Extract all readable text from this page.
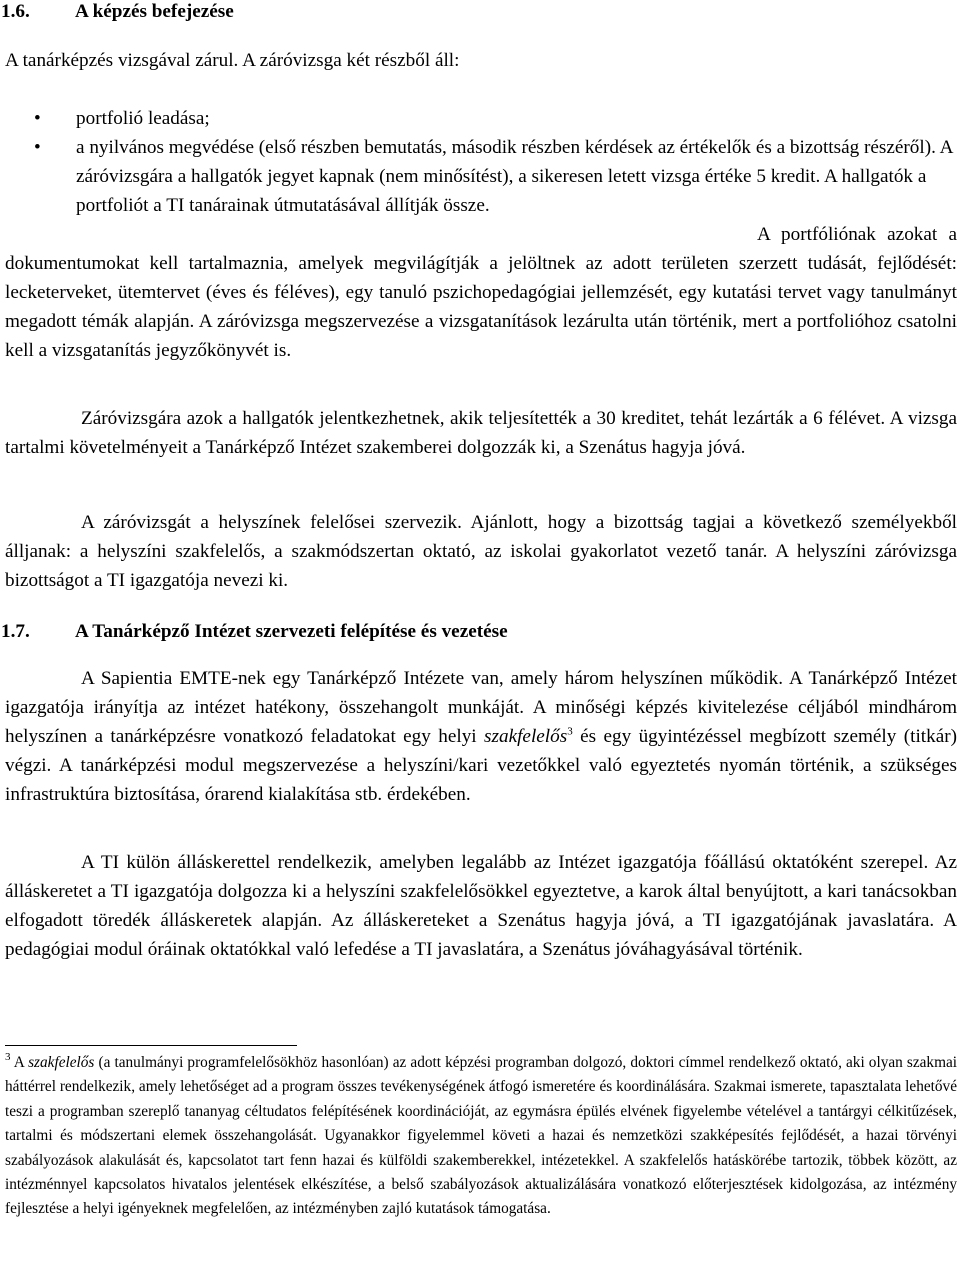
1.6.	A képzés befejezése

A tanárképzés vizsgával zárul. A záróvizsga két részből áll:

• portfolió leadása;
• a nyilvános megvédése (első részben bemutatás, második részben kérdések az értékelők és a bizottság részéről). A záróvizsgára a hallgatók jegyet kapnak (nem minősítést), a sikeresen letett vizsga értéke 5 kredit. A hallgatók a portfoliót a TI tanárainak útmutatásával állítják össze.

A portfóliónak azokat a dokumentumokat kell tartalmaznia, amelyek megvilágítják a jelöltnek az adott területen szerzett tudását, fejlődését: lecketerveket, ütemtervet (éves és féléves), egy tanuló pszichopedagógiai jellemzését, egy kutatási tervet vagy tanulmányt megadott témák alapján. A záróvizsga megszervezése a vizsgatanítások lezárulta után történik, mert a portfolióhoz csatolni kell a vizsgatanítás jegyzőkönyvét is.

Záróvizsgára azok a hallgatók jelentkezhetnek, akik teljesítették a 30 kreditet, tehát lezárták a 6 félévet. A vizsga tartalmi követelményeit a Tanárképző Intézet szakemberei dolgozzák ki, a Szenátus hagyja jóvá.

A záróvizsgát a helyszínek felelősei szervezik. Ajánlott, hogy a bizottság tagjai a következő személyekből álljanak: a helyszíni szakfelelős, a szakmódszertan oktató, az iskolai gyakorlatot vezető tanár. A helyszíni záróvizsga bizottságot a TI igazgatója nevezi ki.

1.7.	A Tanárképző Intézet szervezeti felépítése és vezetése

A Sapientia EMTE-nek egy Tanárképző Intézete van, amely három helyszínen működik. A Tanárképző Intézet igazgatója irányítja az intézet hatékony, összehangolt munkáját. A minőségi képzés kivitelezése céljából mindhárom helyszínen a tanárképzésre vonatkozó feladatokat egy helyi szakfelelős$^3$ és egy ügyintézéssel megbízott személy (titkár) végzi. A tanárképzési modul megszervezése a helyszíni/kari vezetőkkel való egyeztetés nyomán történik, a szükséges infrastruktúra biztosítása, órarend kialakítása stb. érdekében.

A TI külön álláskerettel rendelkezik, amelyben legalább az Intézet igazgatója főállású oktatóként szerepel. Az álláskeretet a TI igazgatója dolgozza ki a helyszíni szakfelelősökkel egyeztetve, a karok által benyújtott, a kari tanácsokban elfogadott töredék álláskeretek alapján. Az álláskereteket a Szenátus hagyja jóvá, a TI igazgatójának javaslatára. A pedagógiai modul óráinak oktatókkal való lefedése a TI javaslatára, a Szenátus jóváhagyásával történik.

$^3$ A szakfelelős (a tanulmányi programfelelősökhöz hasonlóan) az adott képzési programban dolgozó, doktori címmel rendelkező oktató, aki olyan szakmai háttérrel rendelkezik, amely lehetőséget ad a program összes tevékenységének átfogó ismeretére és koordinálására. Szakmai ismerete, tapasztalata lehetővé teszi a programban szereplő tananyag céltudatos felépítésének koordinációját, az egymásra épülés elvének figyelembe vételével a tantárgyi célkitűzések, tartalmi és módszertani elemek összehangolását. Ugyanakkor figyelemmel követi a hazai és nemzetközi szakképesítés fejlődését, a hazai törvényi szabályozások alakulását és, kapcsolatot tart fenn hazai és külföldi szakemberekkel, intézetekkel. A szakfelelős hatáskörébe tartozik, többek között, az intézménnyel kapcsolatos hivatalos jelentések elkészítése, a belső szabályozások aktualizálására vonatkozó előterjesztések kidolgozása, az intézmény fejlesztése a helyi igényeknek megfelelően, az intézményben zajló kutatások támogatása.
